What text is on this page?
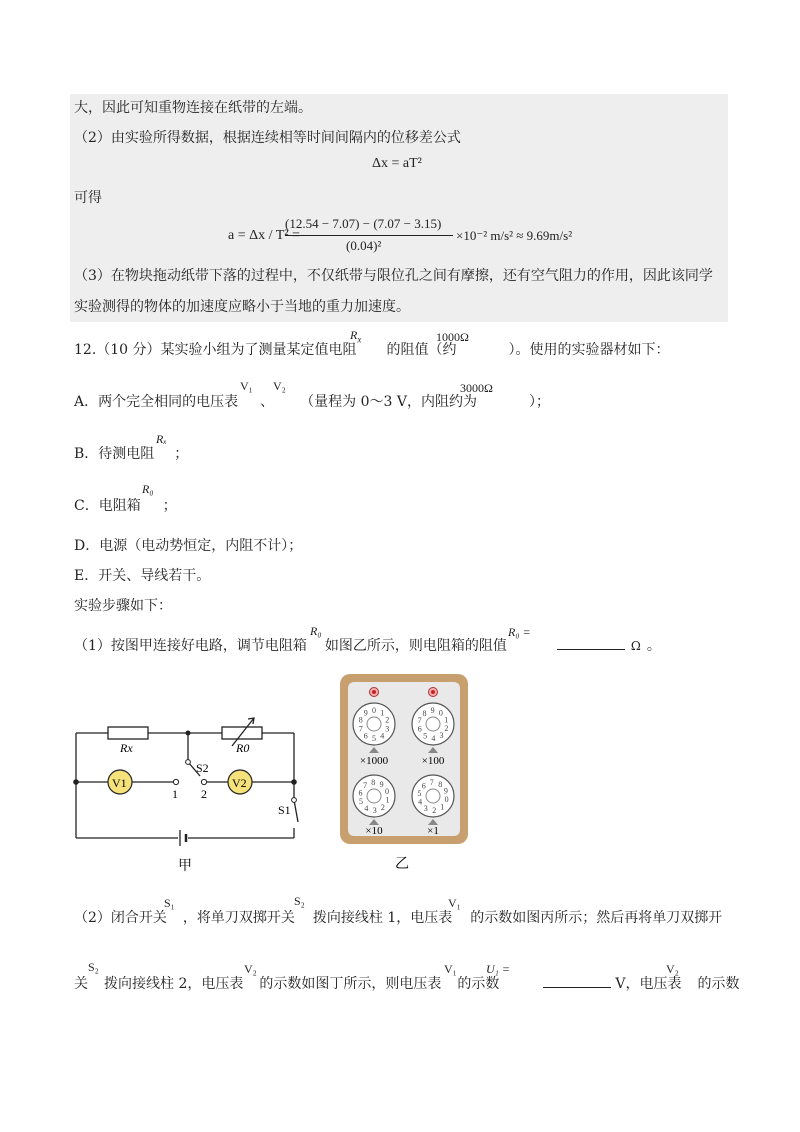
大，因此可知重物连接在纸带的左端。
（2）由实验所得数据，根据连续相等时间间隔内的位移差公式
Δx = aT²
可得
a = Δx / T² =
(12.54 − 7.07) − (7.07 − 3.15)
(0.04)²
×10⁻² m/s² ≈ 9.69m/s²
（3）在物块拖动纸带下落的过程中，不仅纸带与限位孔之间有摩擦，还有空气阻力的作用，因此该同学
实验测得的物体的加速度应略小于当地的重力加速度。
12.（10 分）某实验小组为了测量某定值电阻 的阻值（约	）。使用的实验器材如下：
$R_x$	1000Ω
A．两个完全相同的电压表 、 （量程为 0～3 V，内阻约为	）；
V₁ V₂	3000Ω
B．待测电阻 ；
Rₓ
C．电阻箱 ；
R₀
D．电源（电动势恒定，内阻不计）；
E．开关、导线若干。
实验步骤如下：
（1）按图甲连接好电路，调节电阻箱 如图乙所示，则电阻箱的阻值	Ω 。
R₀	R₀ =
V1	V2
Rx	R0
S2
S1
1 2
甲
0 1
2
3
4
5
6
7
8
9	0
1
2
3
4
5
6
7
8 9
0
1
2
3
4
5
6
7 8 9
0
1
2
3
4
5
6 7 8
9
×1000	×100
×10	×1
乙
（2）闭合开关 ，将单刀双掷开关 拨向接线柱 1，电压表 的示数如图丙所示；然后再将单刀双掷开
S₁	S₂	V₁
关 拨向接线柱 2，电压表 的示数如图丁所示，则电压表 的示数	V，电压表 的示数
S₂	V₂	V₁ U₁ =	V₂
